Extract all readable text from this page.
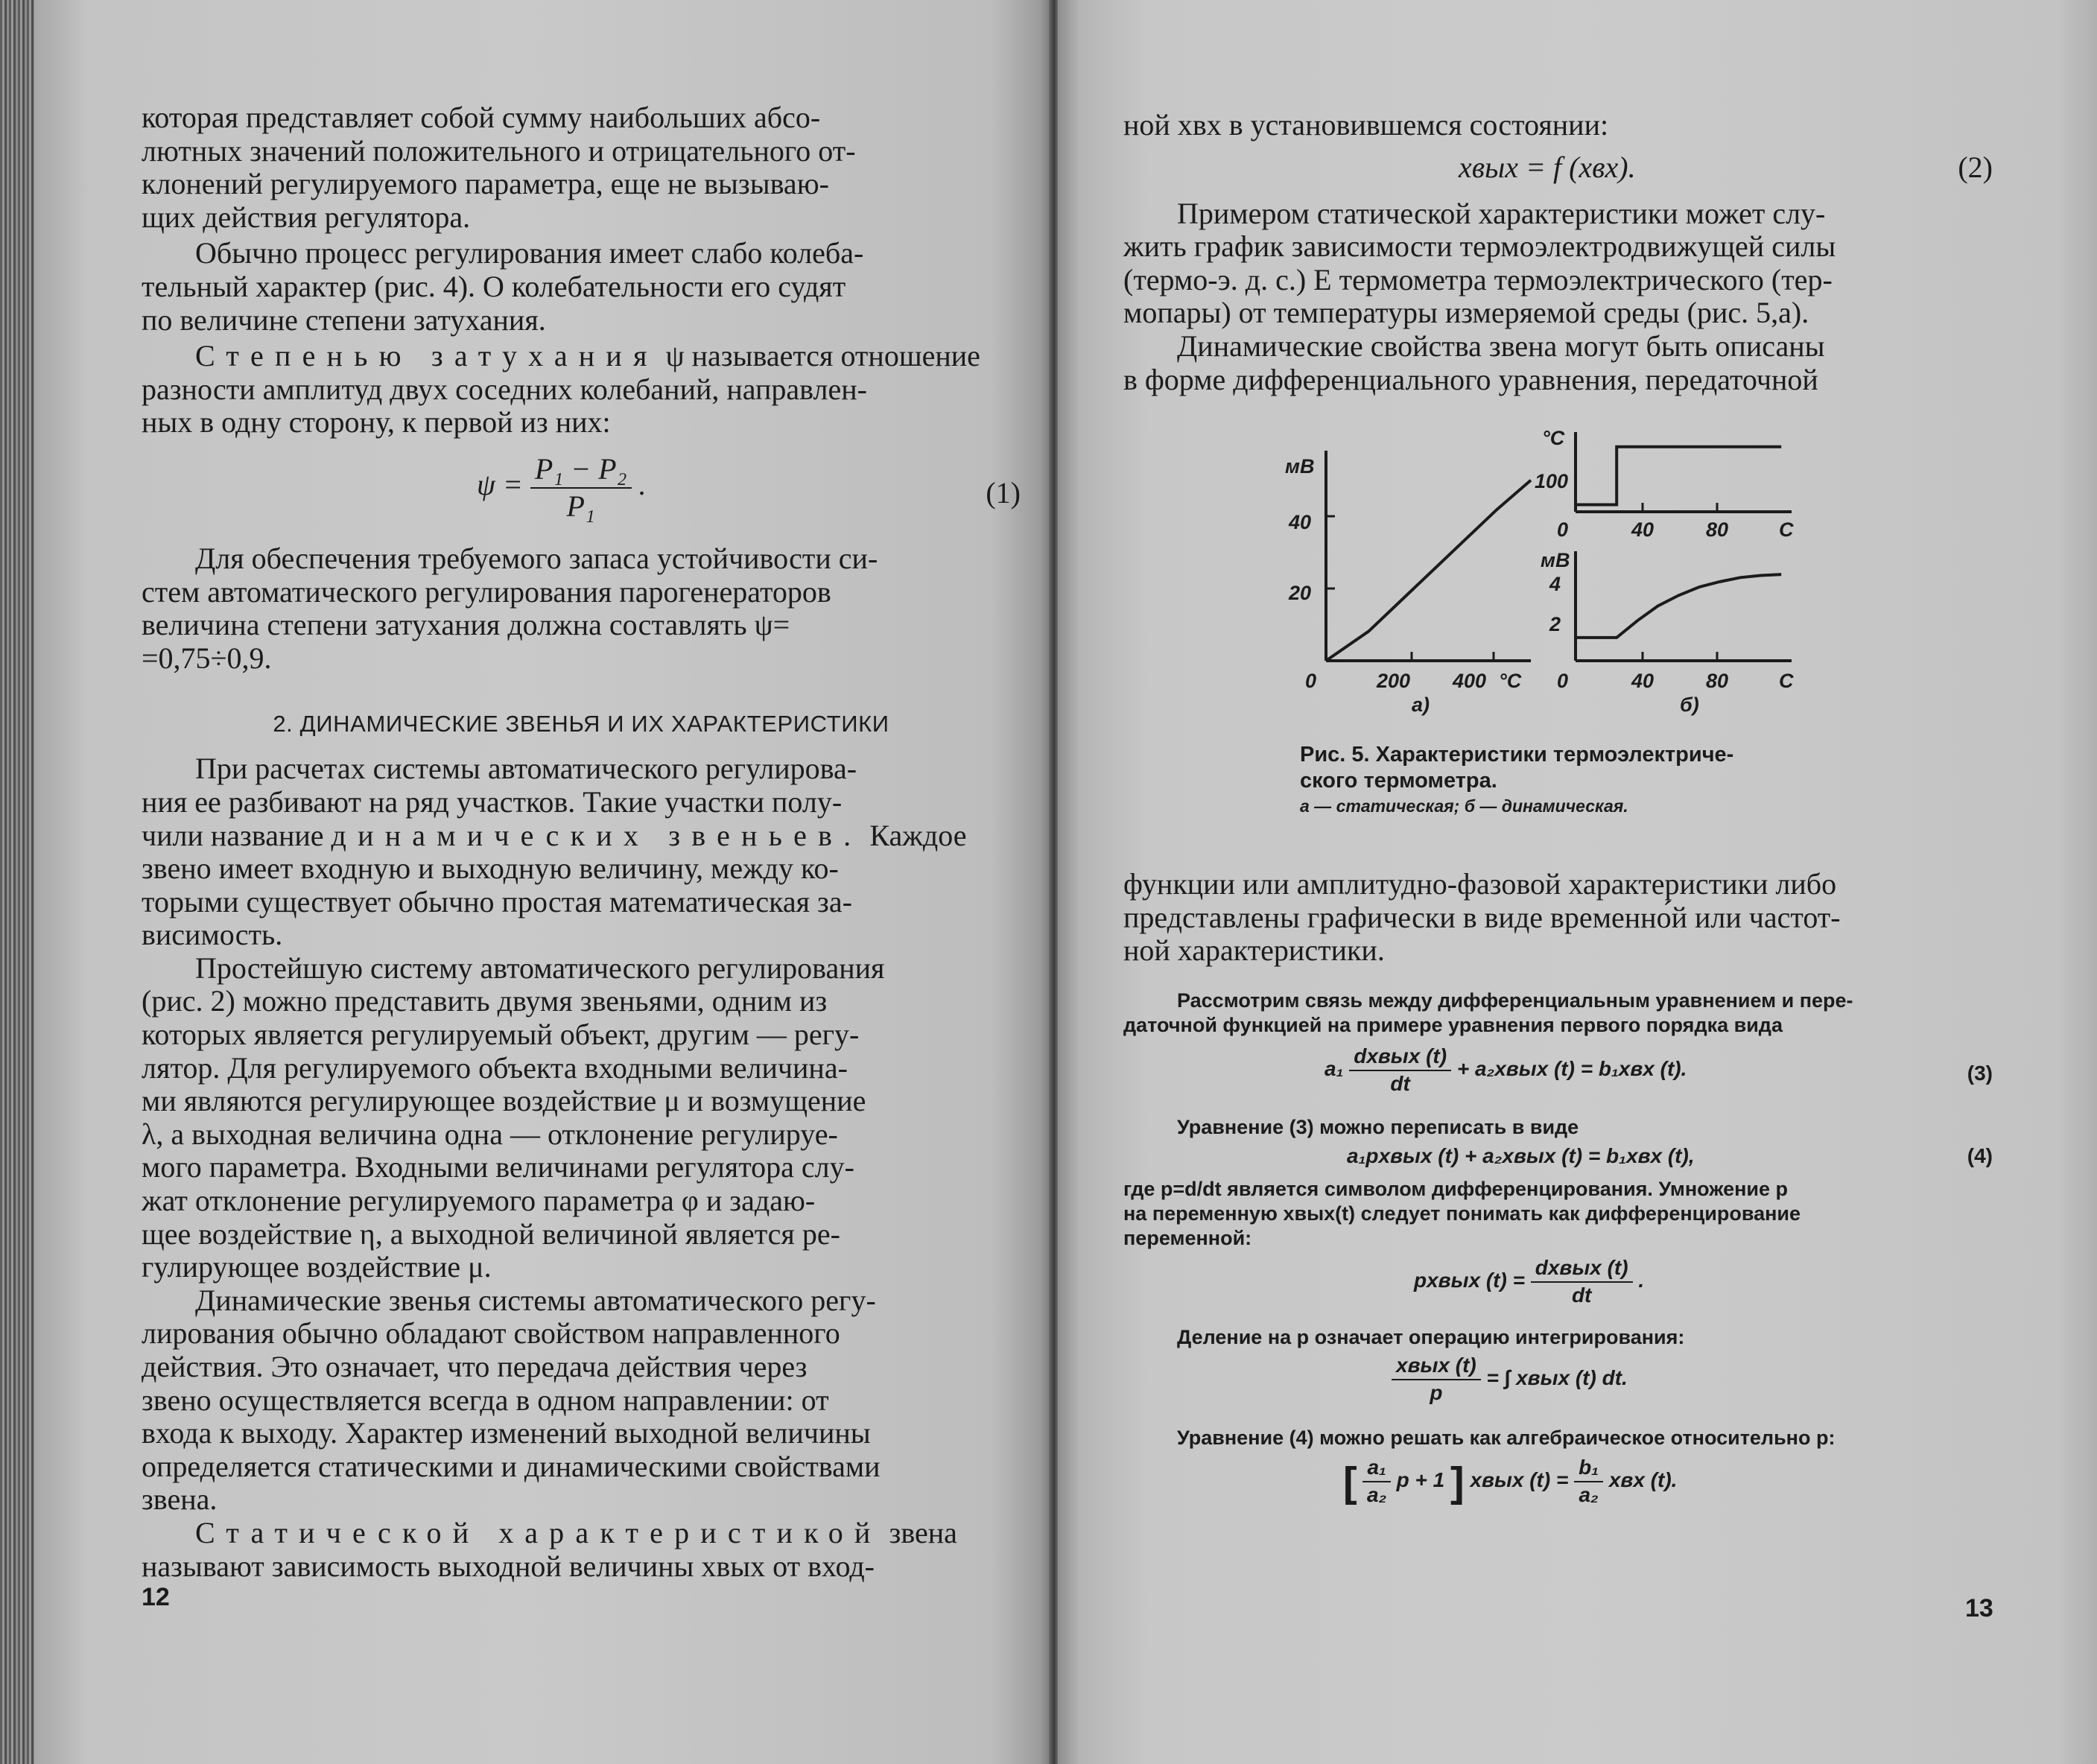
которая представляет собой сумму наибольших абсо-
лютных значений положительного и отрицательного от-
клонений регулируемого параметра, еще не вызываю-
щих действия регулятора.

Обычно процесс регулирования имеет слабо колеба-
тельный характер (рис. 4). О колебательности его судят
по величине степени затухания.

Степенью затухания ψ называется отношение
разности амплитуд двух соседних колебаний, направлен-
ных в одну сторону, к первой из них:

$\psi = \frac{\text{P₁ − P₂}}{\text{P₁}}$ .	(1)

Для обеспечения требуемого запаса устойчивости си-
стем автоматического регулирования парогенераторов
величина степени затухания должна составлять ψ=
=0,75÷0,9.

2. ДИНАМИЧЕСКИЕ ЗВЕНЬЯ И ИХ ХАРАКТЕРИСТИКИ

При расчетах системы автоматического регулирова-
ния ее разбивают на ряд участков. Такие участки полу-
чили название динамических звеньев. Каждое
звено имеет входную и выходную величину, между ко-
торыми существует обычно простая математическая за-
висимость.

Простейшую систему автоматического регулирования
(рис. 2) можно представить двумя звеньями, одним из
которых является регулируемый объект, другим — регу-
лятор. Для регулируемого объекта входными величина-
ми являются регулирующее воздействие μ и возмущение
λ, а выходная величина одна — отклонение регулируе-
мого параметра. Входными величинами регулятора слу-
жат отклонение регулируемого параметра φ и задаю-
щее воздействие η, а выходной величиной является ре-
гулирующее воздействие μ.

Динамические звенья системы автоматического регу-
лирования обычно обладают свойством направленного
действия. Это означает, что передача действия через
звено осуществляется всегда в одном направлении: от
входа к выходу. Характер изменений выходной величины
определяется статическими и динамическими свойствами
звена.

Статической характеристикой звена
называют зависимость выходной величины xвых от вход-

12

ной xвх в установившемся состоянии:

xвых = f (xвх).	(2)

Примером статической характеристики может слу-
жить график зависимости термоэлектродвижущей силы
(термо-э. д. с.) E термометра термоэлектрического (тер-
мопары) от температуры измеряемой среды (рис. 5,а).

Динамические свойства звена могут быть описаны
в форме дифференциального уравнения, передаточной

мВ
20
40
0	200 400 °C
а)
°C
100
0	40	80	С
мВ
2
4
0	40	80	С
б)
Рис. 5. Характеристики термоэлектриче-
ского термометра.
а — статическая; б — динамическая.

функции или амплитудно-фазовой характеристики либо
представлены графически в виде временно́й или частот-
ной характеристики.

Рассмотрим связь между дифференциальным уравнением и пере-
даточной функцией на примере уравнения первого порядка вида

$a_1 \frac{\text{dxвых (t)}}{dt}$ + a₂xвых (t) = b₁xвх (t).	(3)

Уравнение (3) можно переписать в виде

a₁pxвых (t) + a₂xвых (t) = b₁xвх (t),	(4)

где p=d/dt является символом дифференцирования. Умножение p
на переменную xвых(t) следует понимать как дифференцирование
переменной:

pxвых $(t) = \frac{\text{dxвых (t)}}{dt}$ .

Деление на p означает операцию интегрирования:

$\frac{\text{xвых (t)}}{p}$ = ∫ xвых (t) dt.

Уравнение (4) можно решать как алгебраическое относительно p:

[ $\frac{\text{a₁}}{\text{a₂}}$ p + 1 ] xвых $(t) = \frac{\text{b₁}}{\text{a₂}}$ xвх (t).
13
